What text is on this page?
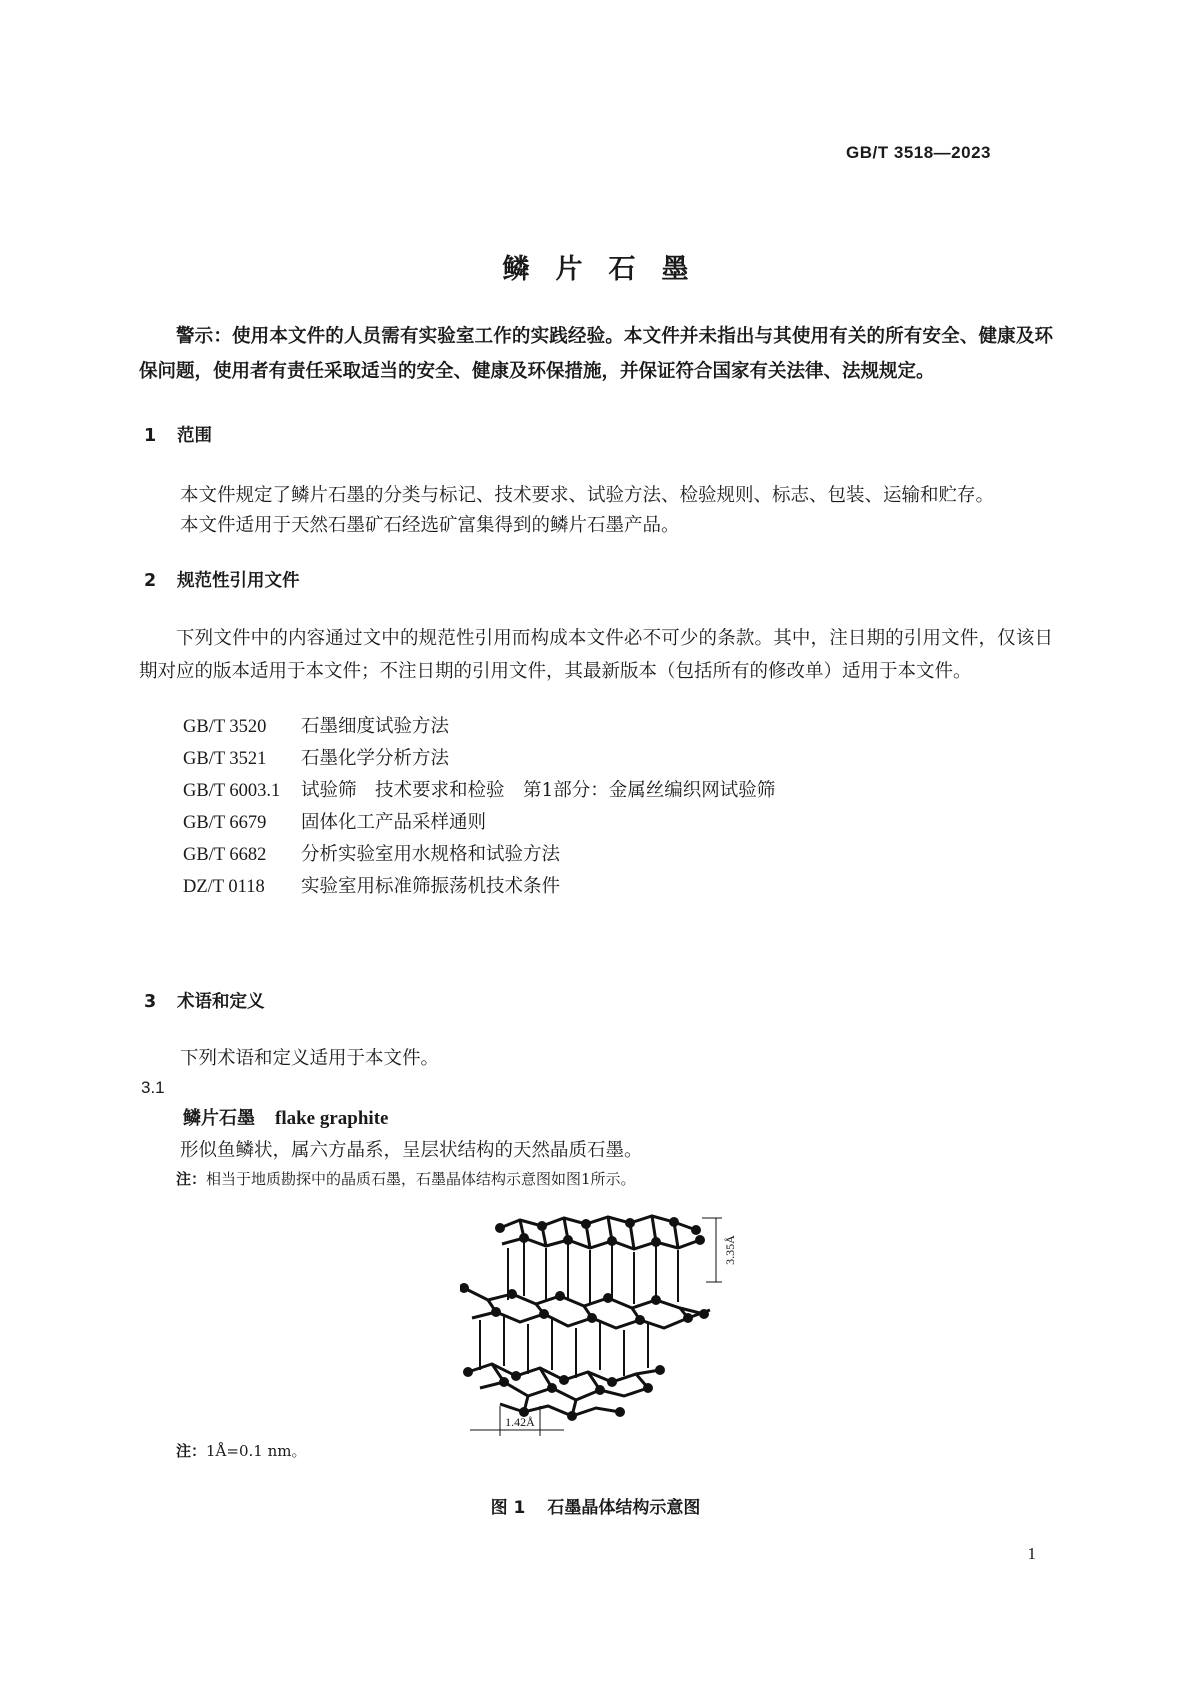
GB/T 3518—2023
鳞片石墨
警示：使用本文件的人员需有实验室工作的实践经验。本文件并未指出与其使用有关的所有安全、健康及环保问题，使用者有责任采取适当的安全、健康及环保措施，并保证符合国家有关法律、法规规定。
1 范围
本文件规定了鳞片石墨的分类与标记、技术要求、试验方法、检验规则、标志、包装、运输和贮存。
本文件适用于天然石墨矿石经选矿富集得到的鳞片石墨产品。
2 规范性引用文件
下列文件中的内容通过文中的规范性引用而构成本文件必不可少的条款。其中，注日期的引用文件，仅该日期对应的版本适用于本文件；不注日期的引用文件，其最新版本（包括所有的修改单）适用于本文件。
GB/T 3520 石墨细度试验方法
GB/T 3521 石墨化学分析方法
GB/T 6003.1 试验筛　技术要求和检验　第1部分：金属丝编织网试验筛
GB/T 6679 固体化工产品采样通则
GB/T 6682 分析实验室用水规格和试验方法
DZ/T 0118 实验室用标准筛振荡机技术条件
3 术语和定义
下列术语和定义适用于本文件。
3.1
鳞片石墨 flake graphite
形似鱼鳞状，属六方晶系，呈层状结构的天然晶质石墨。
注：相当于地质勘探中的晶质石墨，石墨晶体结构示意图如图1所示。
3.35Å
1.42Å
注：1Å=0.1 nm。
图 1 石墨晶体结构示意图
1
